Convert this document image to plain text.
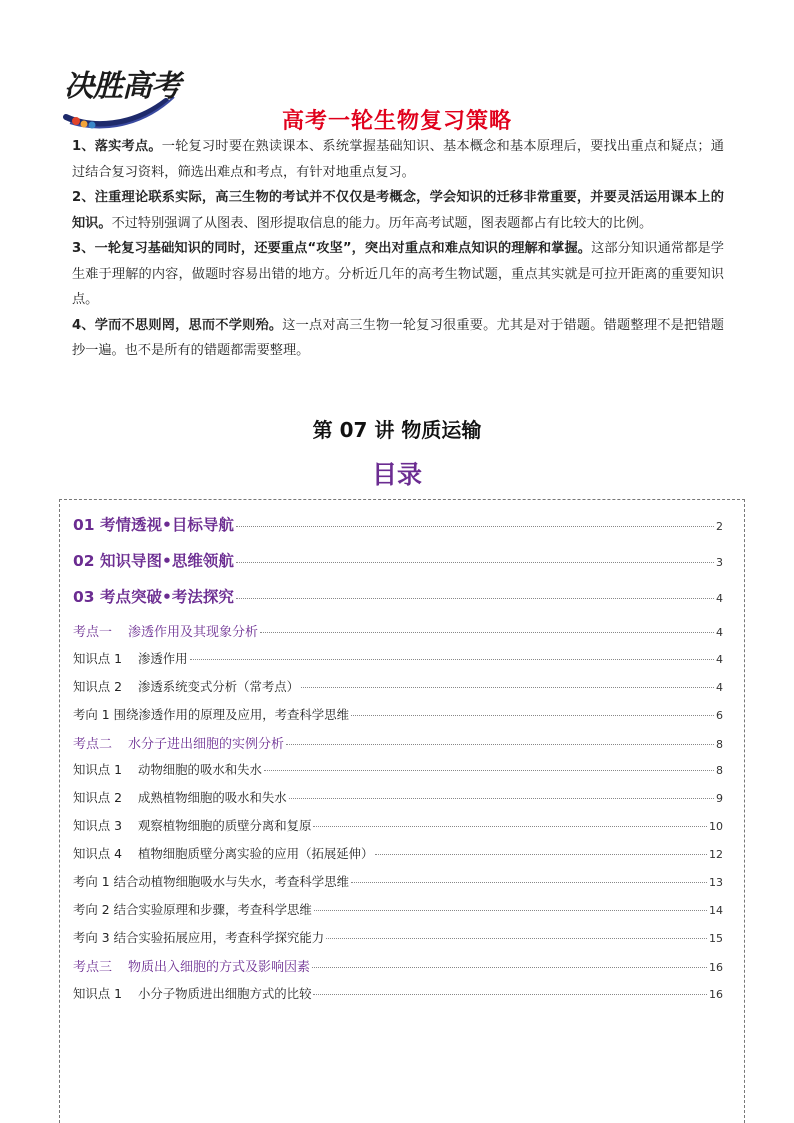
决胜高考
高考一轮生物复习策略

1、落实考点。一轮复习时要在熟读课本、系统掌握基础知识、基本概念和基本原理后，要找出重点和疑点；通过结合复习资料，筛选出难点和考点，有针对地重点复习。

2、注重理论联系实际，高三生物的考试并不仅仅是考概念，学会知识的迁移非常重要，并要灵活运用课本上的知识。不过特别强调了从图表、图形提取信息的能力。历年高考试题，图表题都占有比较大的比例。

3、一轮复习基础知识的同时，还要重点“攻坚”，突出对重点和难点知识的理解和掌握。这部分知识通常都是学生难于理解的内容，做题时容易出错的地方。分析近几年的高考生物试题，重点其实就是可拉开距离的重要知识点。

4、学而不思则罔，思而不学则殆。这一点对高三生物一轮复习很重要。尤其是对于错题。错题整理不是把错题抄一遍。也不是所有的错题都需要整理。

第 07 讲 物质运输
目录
01 考情透视•目标导航	2
02 知识导图•思维领航	3
03 考点突破•考法探究	4
考点一 渗透作用及其现象分析	4
知识点 1 渗透作用	4
知识点 2 渗透系统变式分析（常考点）	4
考向 1 围绕渗透作用的原理及应用，考查科学思维	6
考点二 水分子进出细胞的实例分析	8
知识点 1 动物细胞的吸水和失水	8
知识点 2 成熟植物细胞的吸水和失水	9
知识点 3 观察植物细胞的质壁分离和复原	10
知识点 4 植物细胞质壁分离实验的应用（拓展延伸）	12
考向 1 结合动植物细胞吸水与失水，考查科学思维	13
考向 2 结合实验原理和步骤，考查科学思维	14
考向 3 结合实验拓展应用，考查科学探究能力	15
考点三 物质出入细胞的方式及影响因素	16
知识点 1 小分子物质进出细胞方式的比较	16
